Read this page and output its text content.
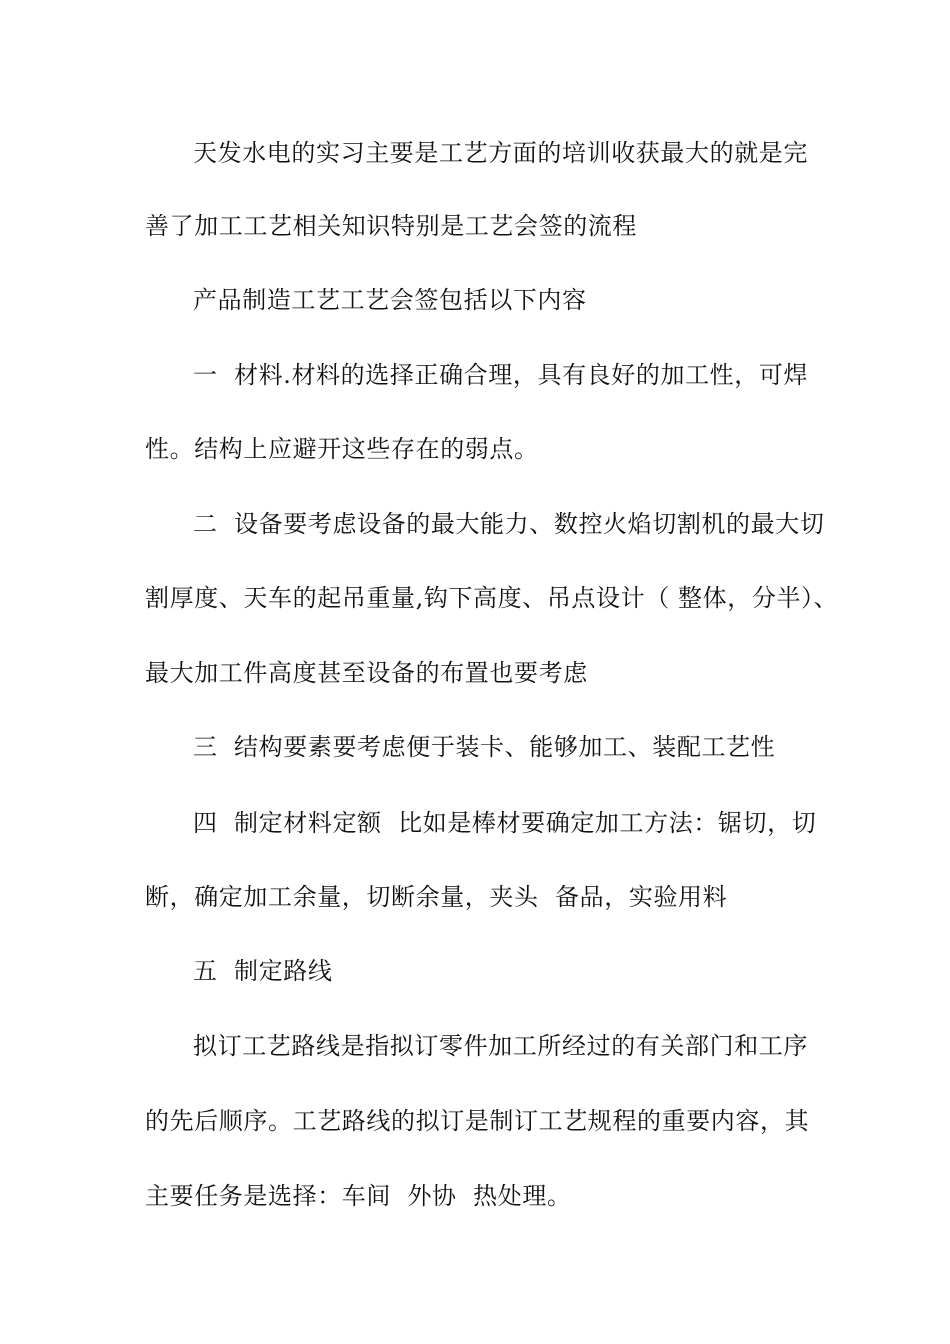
天发水电的实习主要是工艺方面的培训收获最大的就是完
善了加工工艺相关知识特别是工艺会签的流程
产品制造工艺工艺会签包括以下内容
一  材料.材料的选择正确合理，具有良好的加工性，可焊
性。结构上应避开这些存在的弱点。
二  设备要考虑设备的最大能力、数控火焰切割机的最大切
割厚度、天车的起吊重量,钩下高度、吊点设计（ 整体，分半）、
最大加工件高度甚至设备的布置也要考虑
三  结构要素要考虑便于装卡、能够加工、装配工艺性
四  制定材料定额  比如是棒材要确定加工方法：锯切，切
断，确定加工余量，切断余量，夹头  备品，实验用料
五  制定路线
拟订工艺路线是指拟订零件加工所经过的有关部门和工序
的先后顺序。工艺路线的拟订是制订工艺规程的重要内容，其
主要任务是选择：车间  外协  热处理。
